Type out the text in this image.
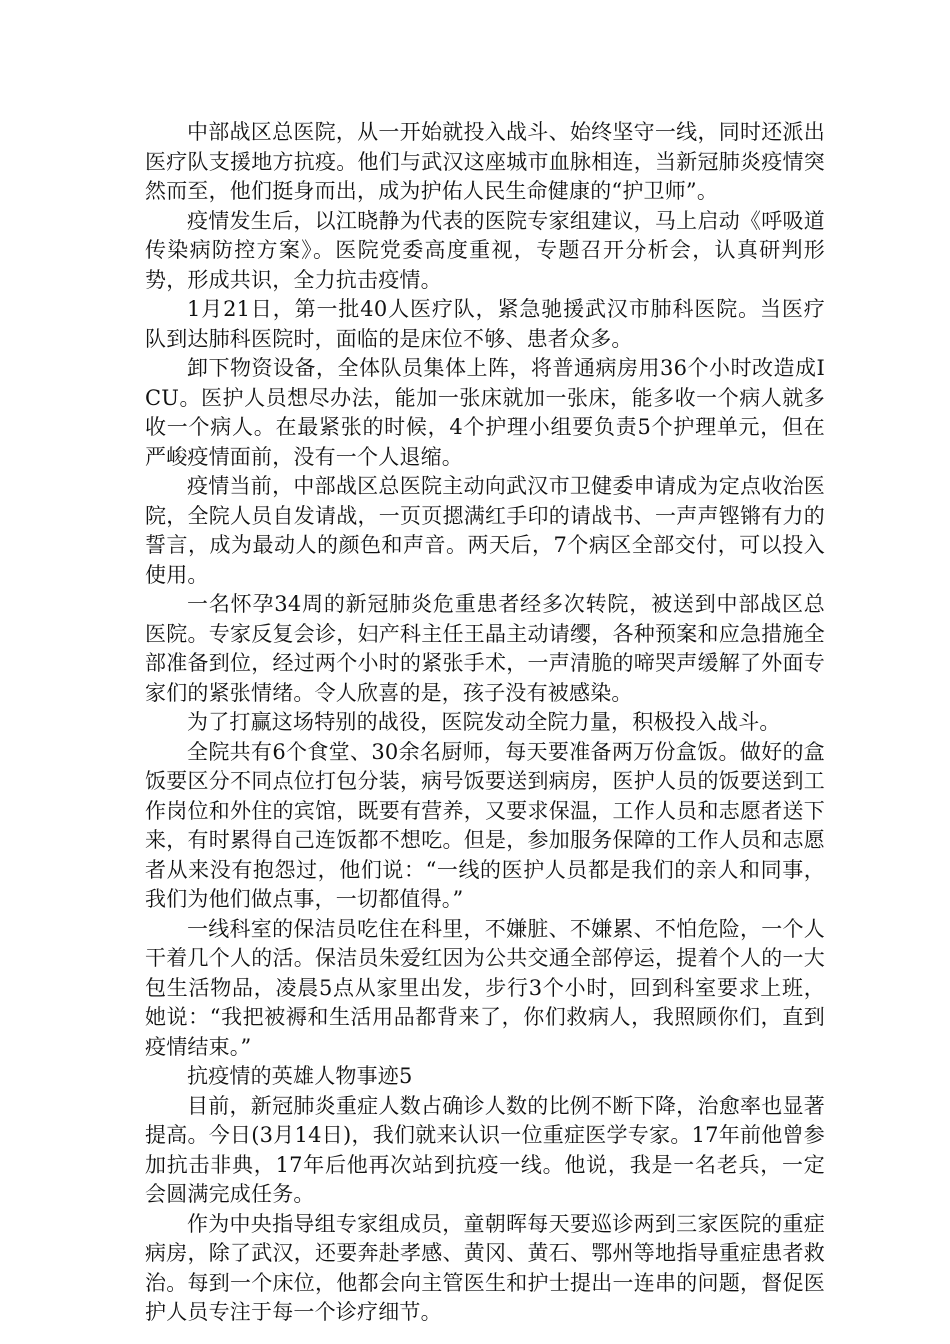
中部战区总医院，从一开始就投入战斗、始终坚守一线，同时还派出医疗队支援地方抗疫。他们与武汉这座城市血脉相连，当新冠肺炎疫情突然而至，他们挺身而出，成为护佑人民生命健康的“护卫师”。

疫情发生后，以江晓静为代表的医院专家组建议，马上启动《呼吸道传染病防控方案》。医院党委高度重视，专题召开分析会，认真研判形势，形成共识，全力抗击疫情。

1月21日，第一批40人医疗队，紧急驰援武汉市肺科医院。当医疗队到达肺科医院时，面临的是床位不够、患者众多。

卸下物资设备，全体队员集体上阵，将普通病房用36个小时改造成ICU。医护人员想尽办法，能加一张床就加一张床，能多收一个病人就多收一个病人。在最紧张的时候，4个护理小组要负责5个护理单元，但在严峻疫情面前，没有一个人退缩。

疫情当前，中部战区总医院主动向武汉市卫健委申请成为定点收治医院，全院人员自发请战，一页页摁满红手印的请战书、一声声铿锵有力的誓言，成为最动人的颜色和声音。两天后，7个病区全部交付，可以投入使用。

一名怀孕34周的新冠肺炎危重患者经多次转院，被送到中部战区总医院。专家反复会诊，妇产科主任王晶主动请缨，各种预案和应急措施全部准备到位，经过两个小时的紧张手术，一声清脆的啼哭声缓解了外面专家们的紧张情绪。令人欣喜的是，孩子没有被感染。

为了打赢这场特别的战役，医院发动全院力量，积极投入战斗。

全院共有6个食堂、30余名厨师，每天要准备两万份盒饭。做好的盒饭要区分不同点位打包分装，病号饭要送到病房，医护人员的饭要送到工作岗位和外住的宾馆，既要有营养，又要求保温，工作人员和志愿者送下来，有时累得自己连饭都不想吃。但是，参加服务保障的工作人员和志愿者从来没有抱怨过，他们说：“一线的医护人员都是我们的亲人和同事，我们为他们做点事，一切都值得。”

一线科室的保洁员吃住在科里，不嫌脏、不嫌累、不怕危险，一个人干着几个人的活。保洁员朱爱红因为公共交通全部停运，提着个人的一大包生活物品，凌晨5点从家里出发，步行3个小时，回到科室要求上班，她说：“我把被褥和生活用品都背来了，你们救病人，我照顾你们，直到疫情结束。”

抗疫情的英雄人物事迹5

目前，新冠肺炎重症人数占确诊人数的比例不断下降，治愈率也显著提高。今日(3月14日)，我们就来认识一位重症医学专家。17年前他曾参加抗击非典，17年后他再次站到抗疫一线。他说，我是一名老兵，一定会圆满完成任务。

作为中央指导组专家组成员，童朝晖每天要巡诊两到三家医院的重症病房，除了武汉，还要奔赴孝感、黄冈、黄石、鄂州等地指导重症患者救治。每到一个床位，他都会向主管医生和护士提出一连串的问题，督促医护人员专注于每一个诊疗细节。
